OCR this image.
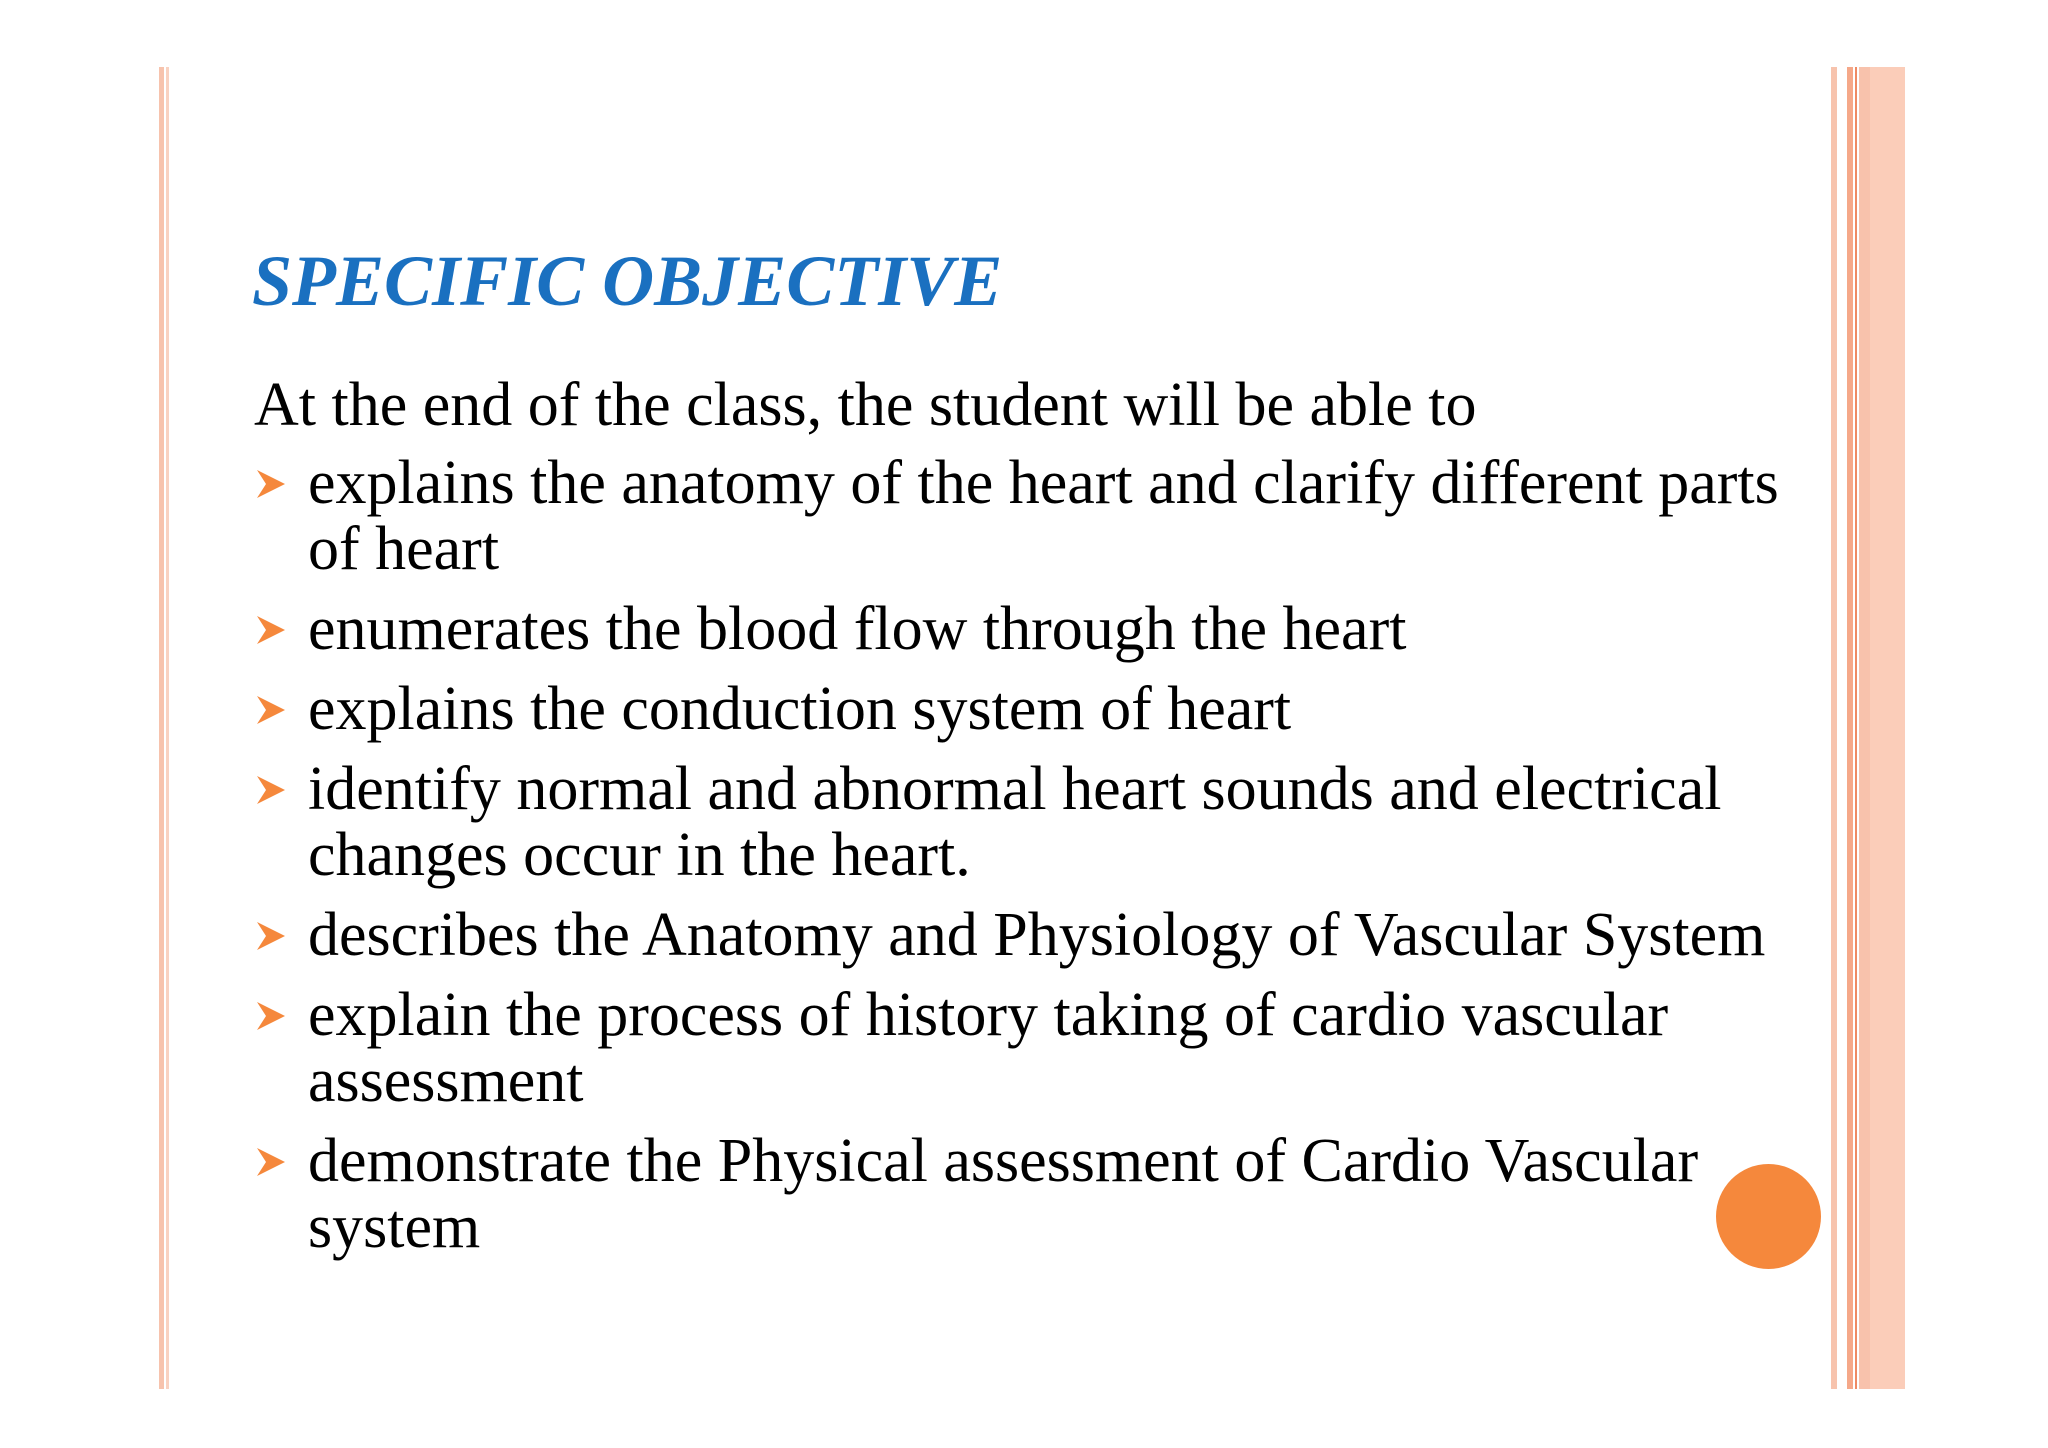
SPECIFIC OBJECTIVE

At the end of the class, the student will be able to

explains the anatomy of the heart and clarify different parts of heart
enumerates the blood flow through the heart
explains the conduction system of heart
identify normal and abnormal heart sounds and electrical changes occur in the heart.
describes the Anatomy and Physiology of Vascular System
explain the process of history taking of cardio vascular assessment
demonstrate the Physical assessment of Cardio Vascular system
